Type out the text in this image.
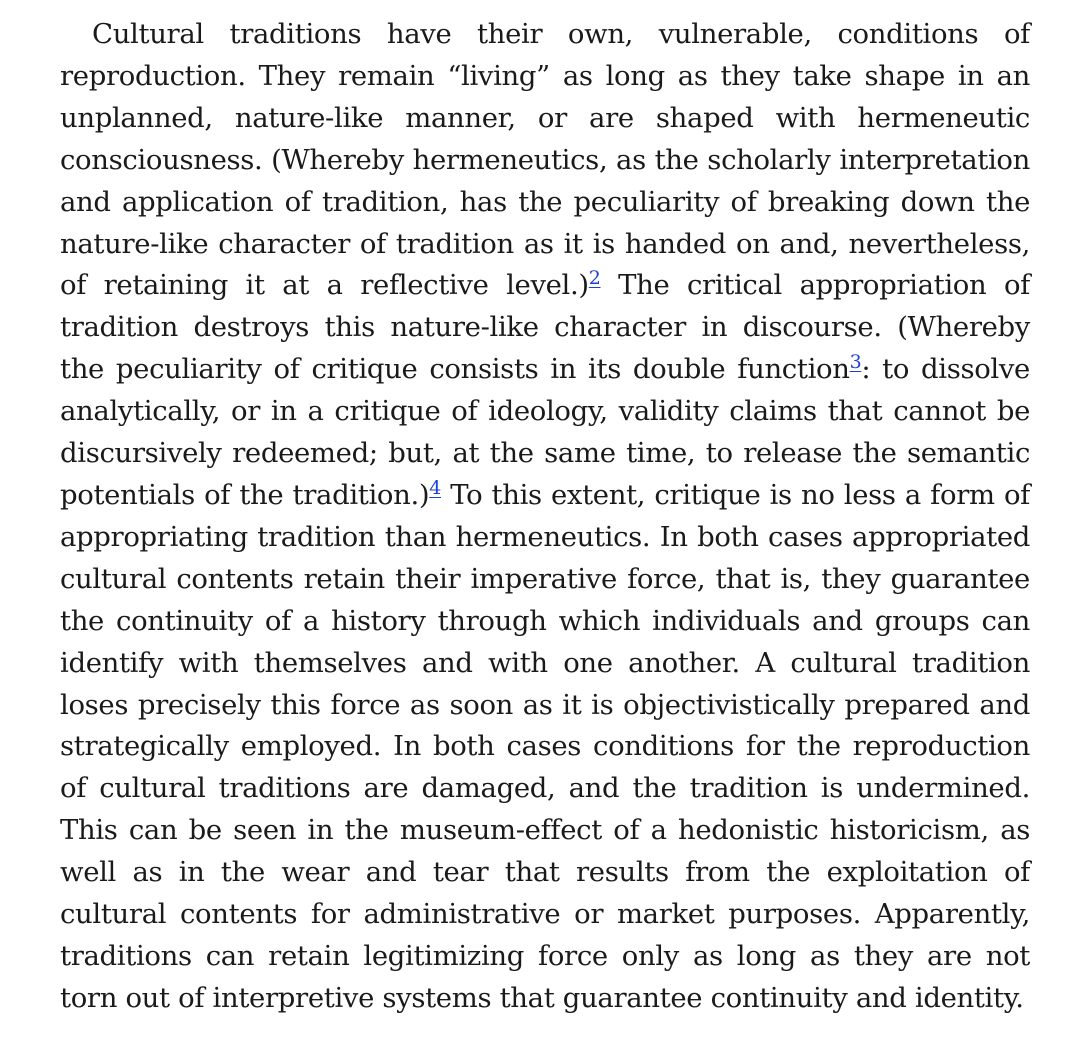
Cultural traditions have their own, vulnerable, conditions of reproduction. They remain “living” as long as they take shape in an unplanned, nature-like manner, or are shaped with hermeneutic consciousness. (Whereby hermeneutics, as the scholarly interpretation and application of tradition, has the peculiarity of breaking down the nature-like character of tradition as it is handed on and, nevertheless, of retaining it at a reflective level.)$^2$ The critical appropriation of tradition destroys this nature-like character in discourse. (Whereby the peculiarity of critique consists in its double function$^3$: to dissolve analytically, or in a critique of ideology, validity claims that cannot be discursively redeemed; but, at the same time, to release the semantic potentials of the tradition.)$^4$ To this extent, critique is no less a form of appropriating tradition than hermeneutics. In both cases appropriated cultural contents retain their imperative force, that is, they guarantee the continuity of a history through which individuals and groups can identify with themselves and with one another. A cultural tradition loses precisely this force as soon as it is objectivistically prepared and strategically employed. In both cases conditions for the reproduction of cultural traditions are damaged, and the tradition is undermined. This can be seen in the museum-effect of a hedonistic historicism, as well as in the wear and tear that results from the exploitation of cultural contents for administrative or market purposes. Apparently, traditions can retain legitimizing force only as long as they are not torn out of interpretive systems that guarantee continuity and identity.
